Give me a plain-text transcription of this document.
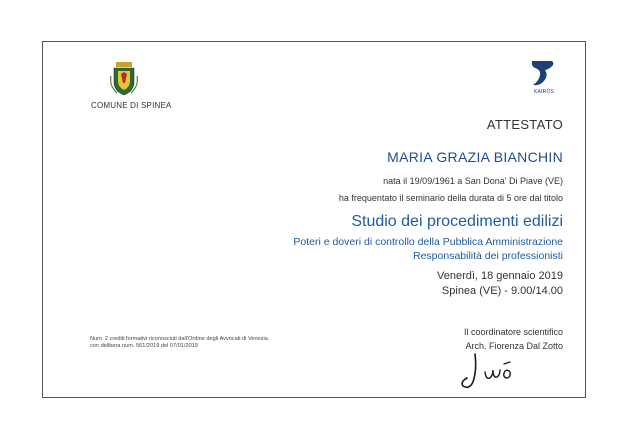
COMUNE DI SPINEA
KAIRÒS
ATTESTATO
MARIA GRAZIA BIANCHIN
nata il 19/09/1961 a San Dona' Di Piave (VE)
ha frequentato il seminario della durata di 5 ore dal titolo
Studio dei procedimenti edilizi
Poteri e doveri di controllo della Pubblica Amministrazione
Responsabilità dei professionisti
Venerdì, 18 gennaio 2019
Spinea (VE) - 9.00/14.00
Il coordinatore scientifico
Arch. Fiorenza Dal Zotto
Num. 2 crediti formativi riconosciuti dall'Ordine degli Avvocati di Venezia
con delibera num. 561/2019 del 07/01/2019
